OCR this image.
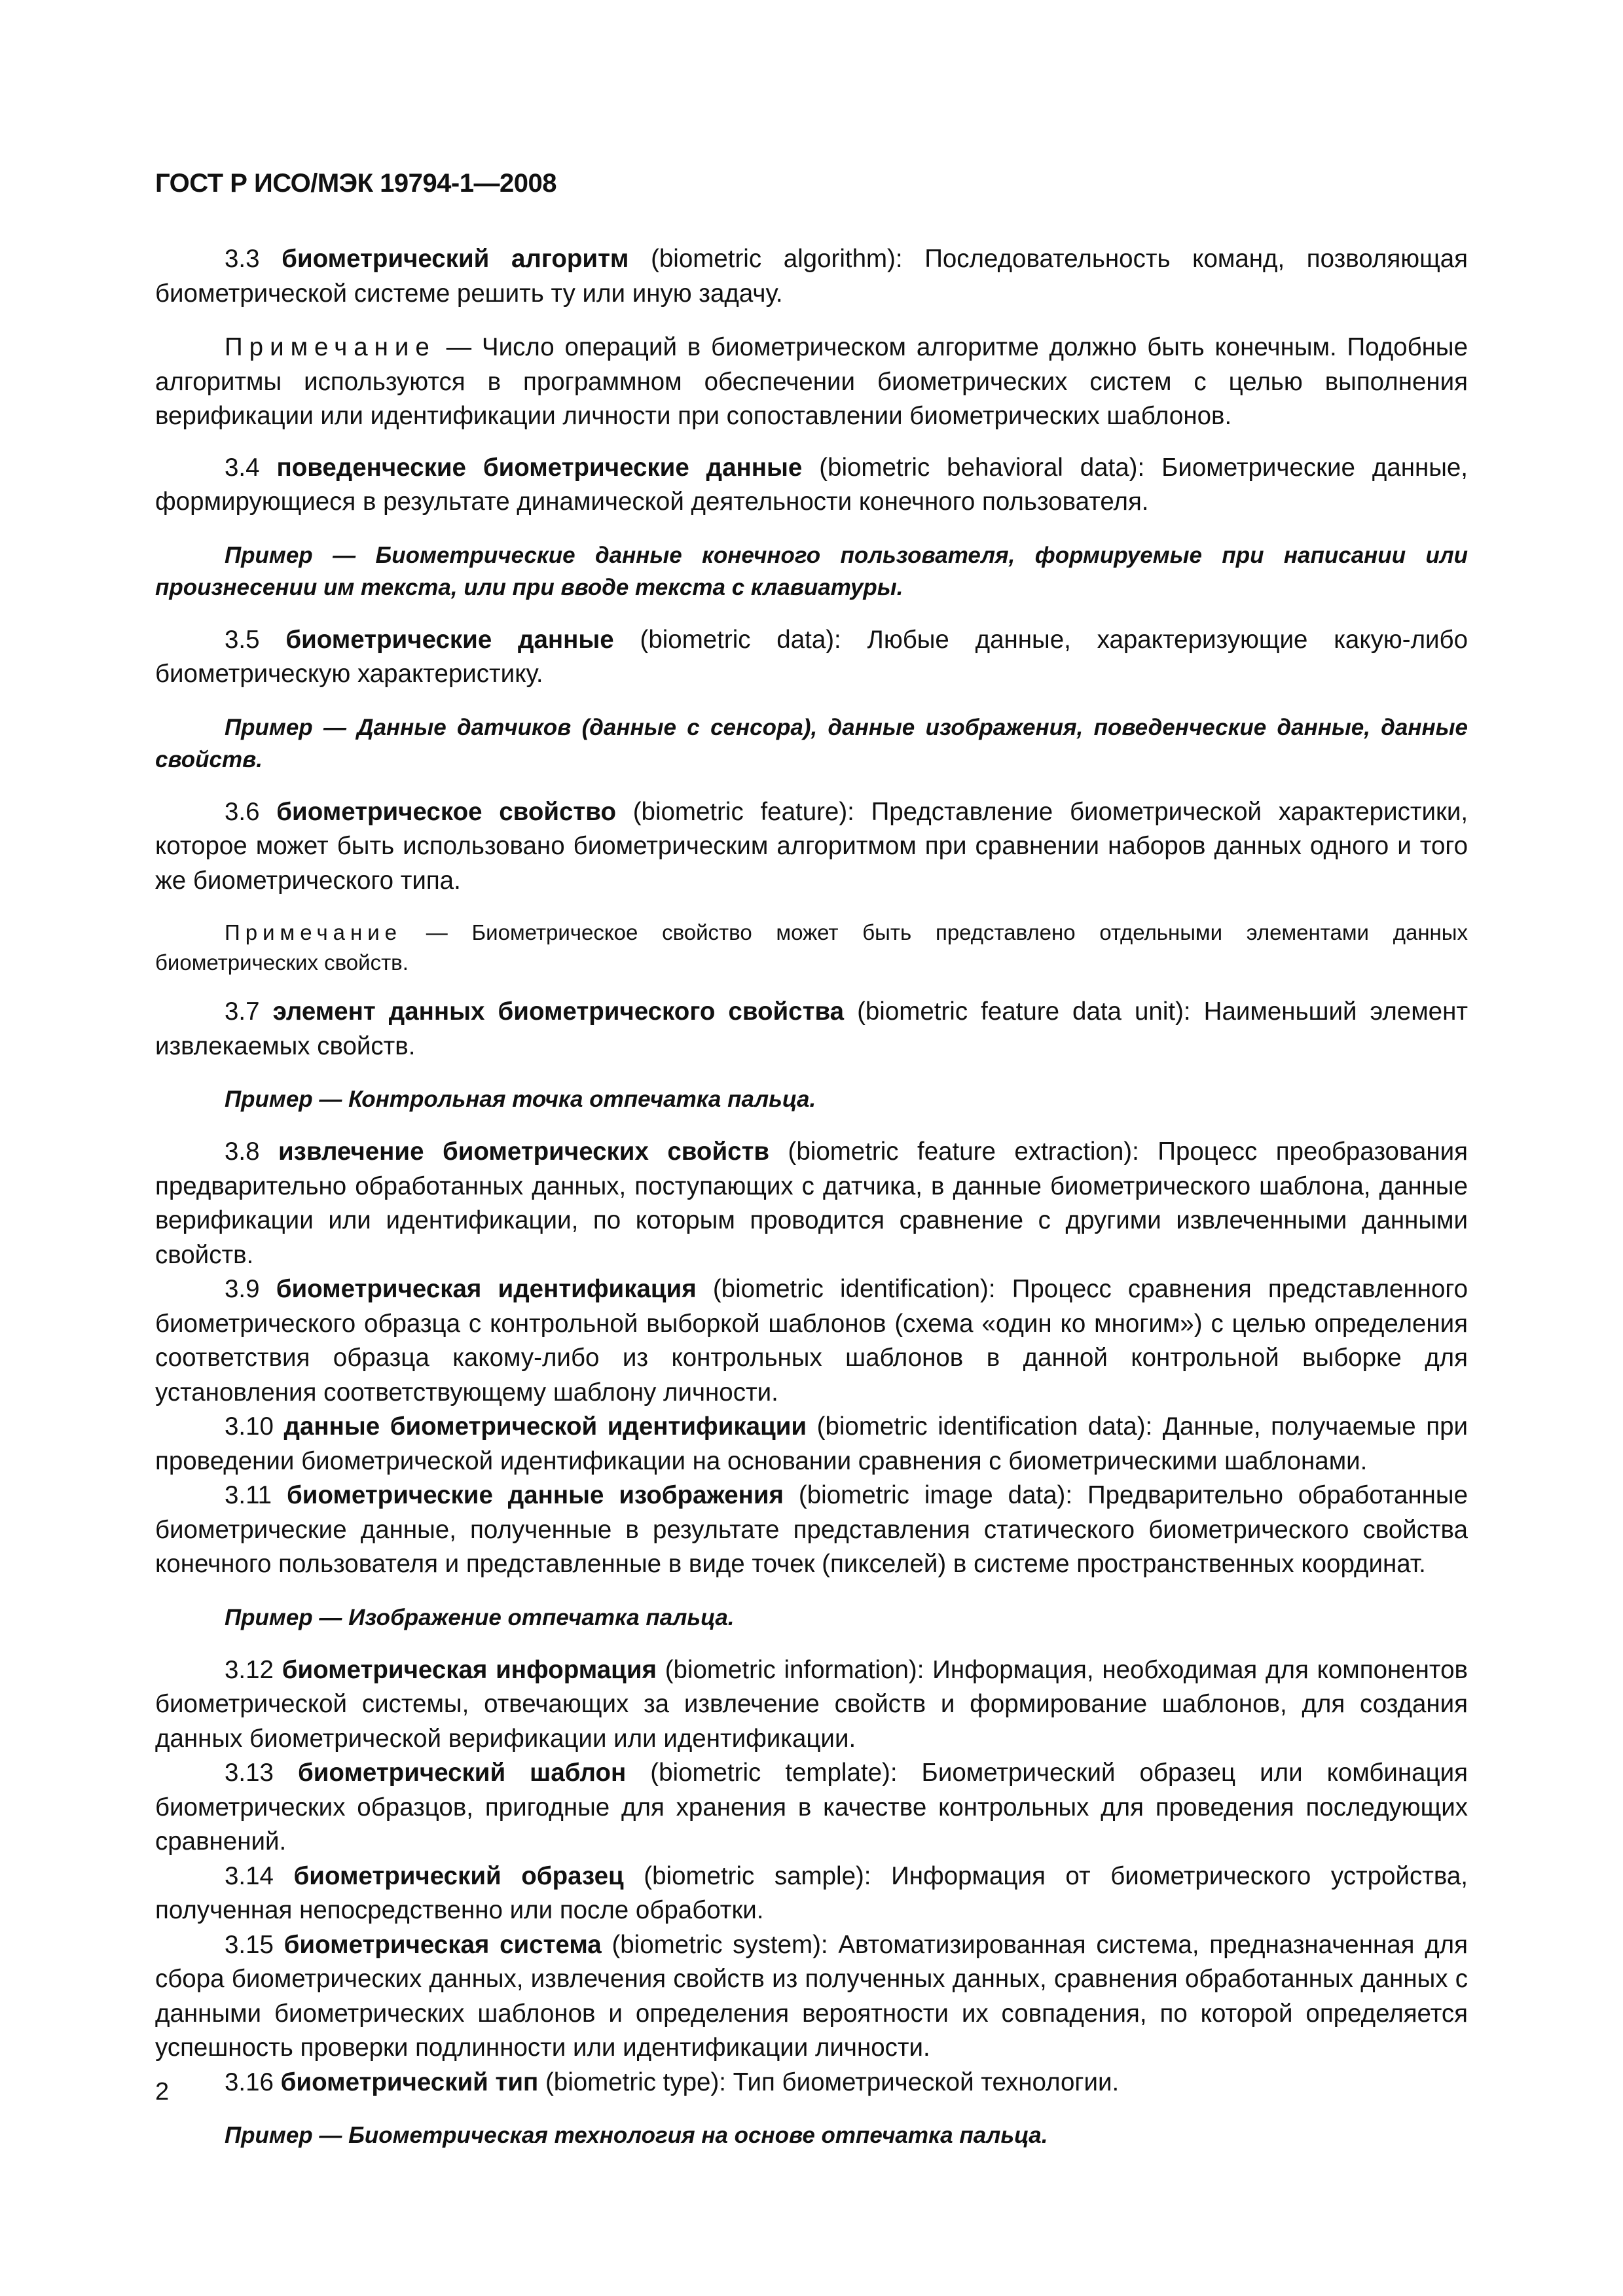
ГОСТ Р ИСО/МЭК 19794-1—2008

3.3 биометрический алгоритм (biometric algorithm): Последовательность команд, позволяющая биометрической системе решить ту или иную задачу.

Примечание — Число операций в биометрическом алгоритме должно быть конечным. Подобные алгоритмы используются в программном обеспечении биометрических систем с целью выполнения верификации или идентификации личности при сопоставлении биометрических шаблонов.

3.4 поведенческие биометрические данные (biometric behavioral data): Биометрические данные, формирующиеся в результате динамической деятельности конечного пользователя.

Пример — Биометрические данные конечного пользователя, формируемые при написании или произнесении им текста, или при вводе текста с клавиатуры.

3.5 биометрические данные (biometric data): Любые данные, характеризующие какую-либо биометрическую характеристику.

Пример — Данные датчиков (данные с сенсора), данные изображения, поведенческие данные, данные свойств.

3.6 биометрическое свойство (biometric feature): Представление биометрической характеристики, которое может быть использовано биометрическим алгоритмом при сравнении наборов данных одного и того же биометрического типа.

Примечание — Биометрическое свойство может быть представлено отдельными элементами данных биометрических свойств.

3.7 элемент данных биометрического свойства (biometric feature data unit): Наименьший элемент извлекаемых свойств.

Пример — Контрольная точка отпечатка пальца.

3.8 извлечение биометрических свойств (biometric feature extraction): Процесс преобразования предварительно обработанных данных, поступающих с датчика, в данные биометрического шаблона, данные верификации или идентификации, по которым проводится сравнение с другими извлеченными данными свойств.

3.9 биометрическая идентификация (biometric identification): Процесс сравнения представленного биометрического образца с контрольной выборкой шаблонов (схема «один ко многим») с целью определения соответствия образца какому-либо из контрольных шаблонов в данной контрольной выборке для установления соответствующему шаблону личности.

3.10 данные биометрической идентификации (biometric identification data): Данные, получаемые при проведении биометрической идентификации на основании сравнения с биометрическими шаблонами.

3.11 биометрические данные изображения (biometric image data): Предварительно обработанные биометрические данные, полученные в результате представления статического биометрического свойства конечного пользователя и представленные в виде точек (пикселей) в системе пространственных координат.

Пример — Изображение отпечатка пальца.

3.12 биометрическая информация (biometric information): Информация, необходимая для компонентов биометрической системы, отвечающих за извлечение свойств и формирование шаблонов, для создания данных биометрической верификации или идентификации.

3.13 биометрический шаблон (biometric template): Биометрический образец или комбинация биометрических образцов, пригодные для хранения в качестве контрольных для проведения последующих сравнений.

3.14 биометрический образец (biometric sample): Информация от биометрического устройства, полученная непосредственно или после обработки.

3.15 биометрическая система (biometric system): Автоматизированная система, предназначенная для сбора биометрических данных, извлечения свойств из полученных данных, сравнения обработанных данных с данными биометрических шаблонов и определения вероятности их совпадения, по которой определяется успешность проверки подлинности или идентификации личности.

3.16 биометрический тип (biometric type): Тип биометрической технологии.

Пример — Биометрическая технология на основе отпечатка пальца.

2
